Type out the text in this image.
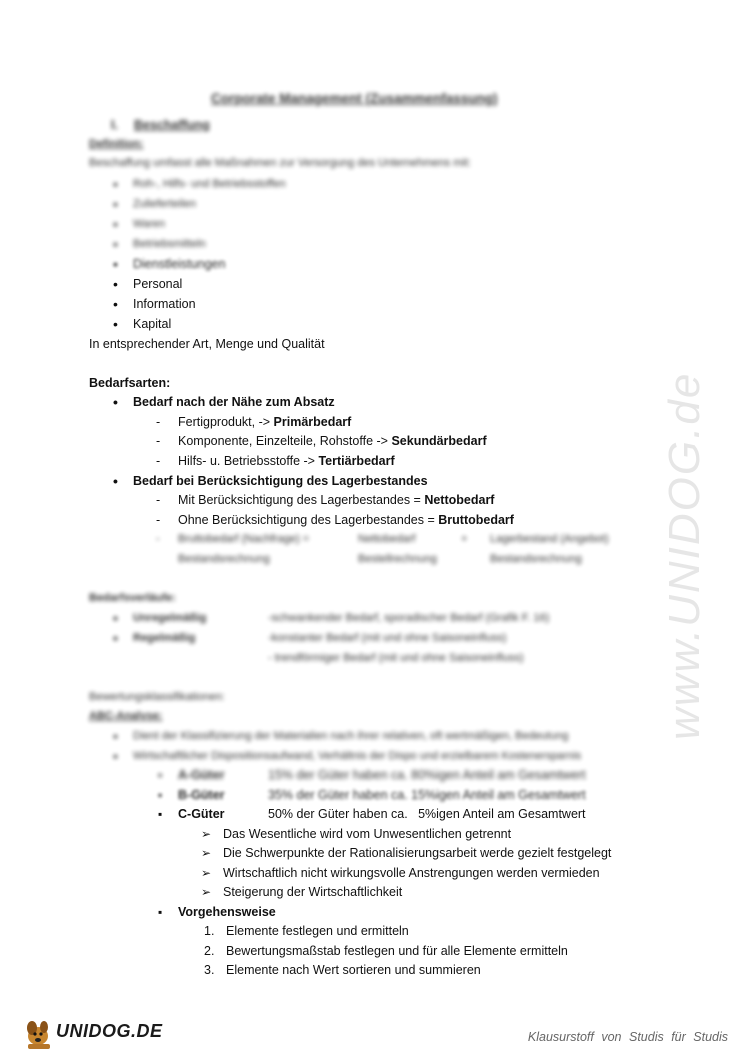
www.UNIDOG.de
Corporate Management (Zusammenfassung)
I. Beschaffung
Definition:
Beschaffung umfasst alle Maßnahmen zur Versorgung des Unternehmens mit:
• Roh-, Hilfs- und Betriebsstoffen
• Zulieferteilen
• Waren
• Betriebsmitteln
• Dienstleistungen
• Personal
• Information
• Kapital
In entsprechender Art, Menge und Qualität
Bedarfsarten:
• Bedarf nach der Nähe zum Absatz
- Fertigprodukt, -> Primärbedarf
- Komponente, Einzelteile, Rohstoffe -> Sekundärbedarf
- Hilfs- u. Betriebsstoffe -> Tertiärbedarf
• Bedarf bei Berücksichtigung des Lagerbestandes
- Mit Berücksichtigung des Lagerbestandes = Nettobedarf
- Ohne Berücksichtigung des Lagerbestandes = Bruttobedarf
- Bruttobedarf (Nachfrage) =	Nettobedarf	+ Lagerbestand (Angebot)
Bestandsrechnung	Bestellrechnung	Bestandsrechnung
Bedarfsverläufe:
• Unregelmäßig	-schwankender Bedarf, sporadischer Bedarf (Grafik F. 16)
• Regelmäßig	-konstanter Bedarf (mit und ohne Saisoneinfluss)
- trendförmiger Bedarf (mit und ohne Saisoneinfluss)
Bewertungsklassifikationen:
ABC-Analyse:
• Dient der Klassifizierung der Materialien nach ihrer relativen, oft wertmäßigen, Bedeutung
• Wirtschaftlicher Dispositionsaufwand, Verhältnis der Dispo und erzielbarem Kostenersparnis
▪ A-Güter	15% der Güter haben ca. 80%igen Anteil am Gesamtwert
▪ B-Güter	35% der Güter haben ca. 15%igen Anteil am Gesamtwert
▪ C-Güter	50% der Güter haben ca.   5%igen Anteil am Gesamtwert
➢ Das Wesentliche wird vom Unwesentlichen getrennt
➢ Die Schwerpunkte der Rationalisierungsarbeit werde gezielt festgelegt
➢ Wirtschaftlich nicht wirkungsvolle Anstrengungen werden vermieden
➢ Steigerung der Wirtschaftlichkeit
▪ Vorgehensweise
1. Elemente festlegen und ermitteln
2. Bewertungsmaßstab festlegen und für alle Elemente ermitteln
3. Elemente nach Wert sortieren und summieren
UNIDOG.DE	Klausurstoff von Studis für Studis
